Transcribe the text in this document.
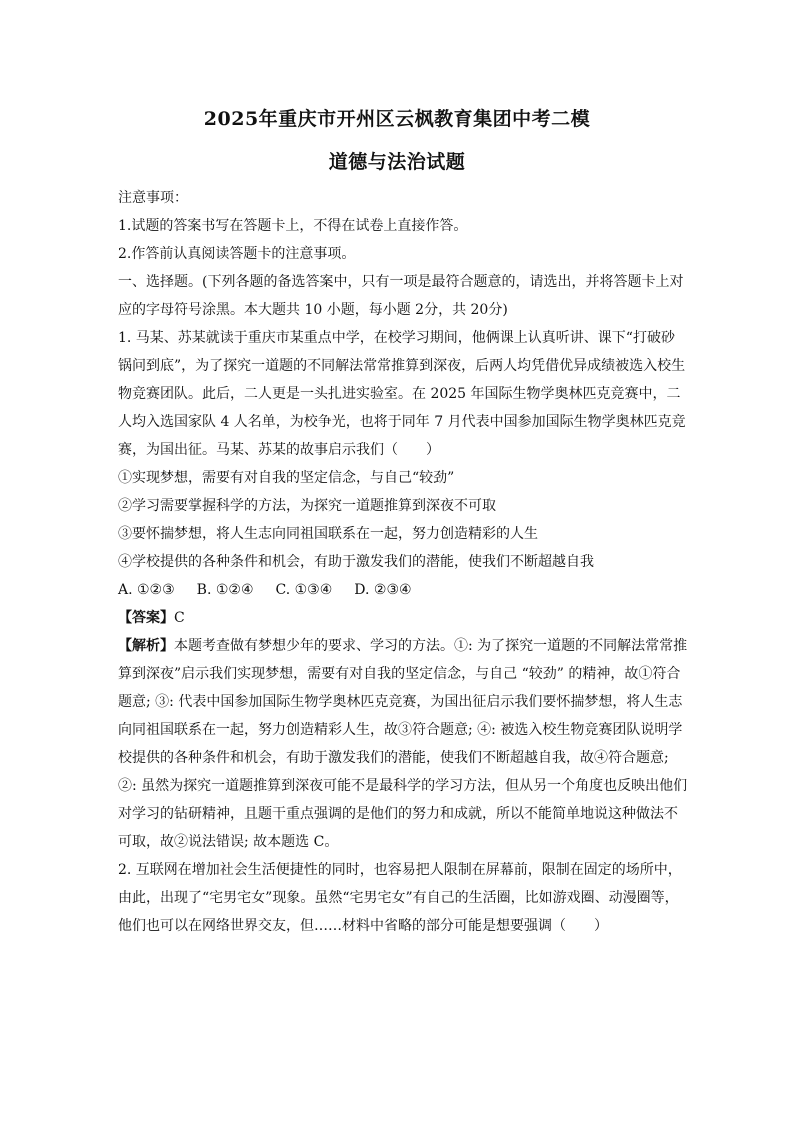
2025年重庆市开州区云枫教育集团中考二模
道德与法治试题

注意事项：

1.试题的答案书写在答题卡上，不得在试卷上直接作答。

2.作答前认真阅读答题卡的注意事项。

一、选择题。(下列各题的备选答案中，只有一项是最符合题意的，请选出，并将答题卡上对应的字母符号涂黑。本大题共 10 小题，每小题 2分，共 20分)

1. 马某、苏某就读于重庆市某重点中学，在校学习期间，他俩课上认真听讲、课下“打破砂锅问到底”，为了探究一道题的不同解法常常推算到深夜，后两人均凭借优异成绩被选入校生物竞赛团队。此后，二人更是一头扎进实验室。在 2025 年国际生物学奥林匹克竞赛中，二人均入选国家队 4 人名单，为校争光，也将于同年 7 月代表中国参加国际生物学奥林匹克竞赛，为国出征。马某、苏某的故事启示我们（　　）

①实现梦想，需要有对自我的坚定信念，与自己“较劲”

②学习需要掌握科学的方法，为探究一道题推算到深夜不可取

③要怀揣梦想，将人生志向同祖国联系在一起，努力创造精彩的人生

④学校提供的各种条件和机会，有助于激发我们的潜能，使我们不断超越自我

A. ①②③ B. ①②④ C. ①③④ D. ②③④

【答案】C

【解析】本题考查做有梦想少年的要求、学习的方法。①: 为了探究一道题的不同解法常常推算到深夜”启示我们实现梦想，需要有对自我的坚定信念，与自己 “较劲” 的精神，故①符合题意; ③: 代表中国参加国际生物学奥林匹克竞赛，为国出征启示我们要怀揣梦想，将人生志向同祖国联系在一起，努力创造精彩人生，故③符合题意; ④: 被选入校生物竞赛团队说明学校提供的各种条件和机会，有助于激发我们的潜能，使我们不断超越自我，故④符合题意; ②: 虽然为探究一道题推算到深夜可能不是最科学的学习方法，但从另一个角度也反映出他们对学习的钻研精神，且题干重点强调的是他们的努力和成就，所以不能简单地说这种做法不可取，故②说法错误; 故本题选 C。

2. 互联网在增加社会生活便捷性的同时，也容易把人限制在屏幕前，限制在固定的场所中，由此，出现了“宅男宅女”现象。虽然“宅男宅女”有自己的生活圈，比如游戏圈、动漫圈等，他们也可以在网络世界交友，但……材料中省略的部分可能是想要强调（　　）
